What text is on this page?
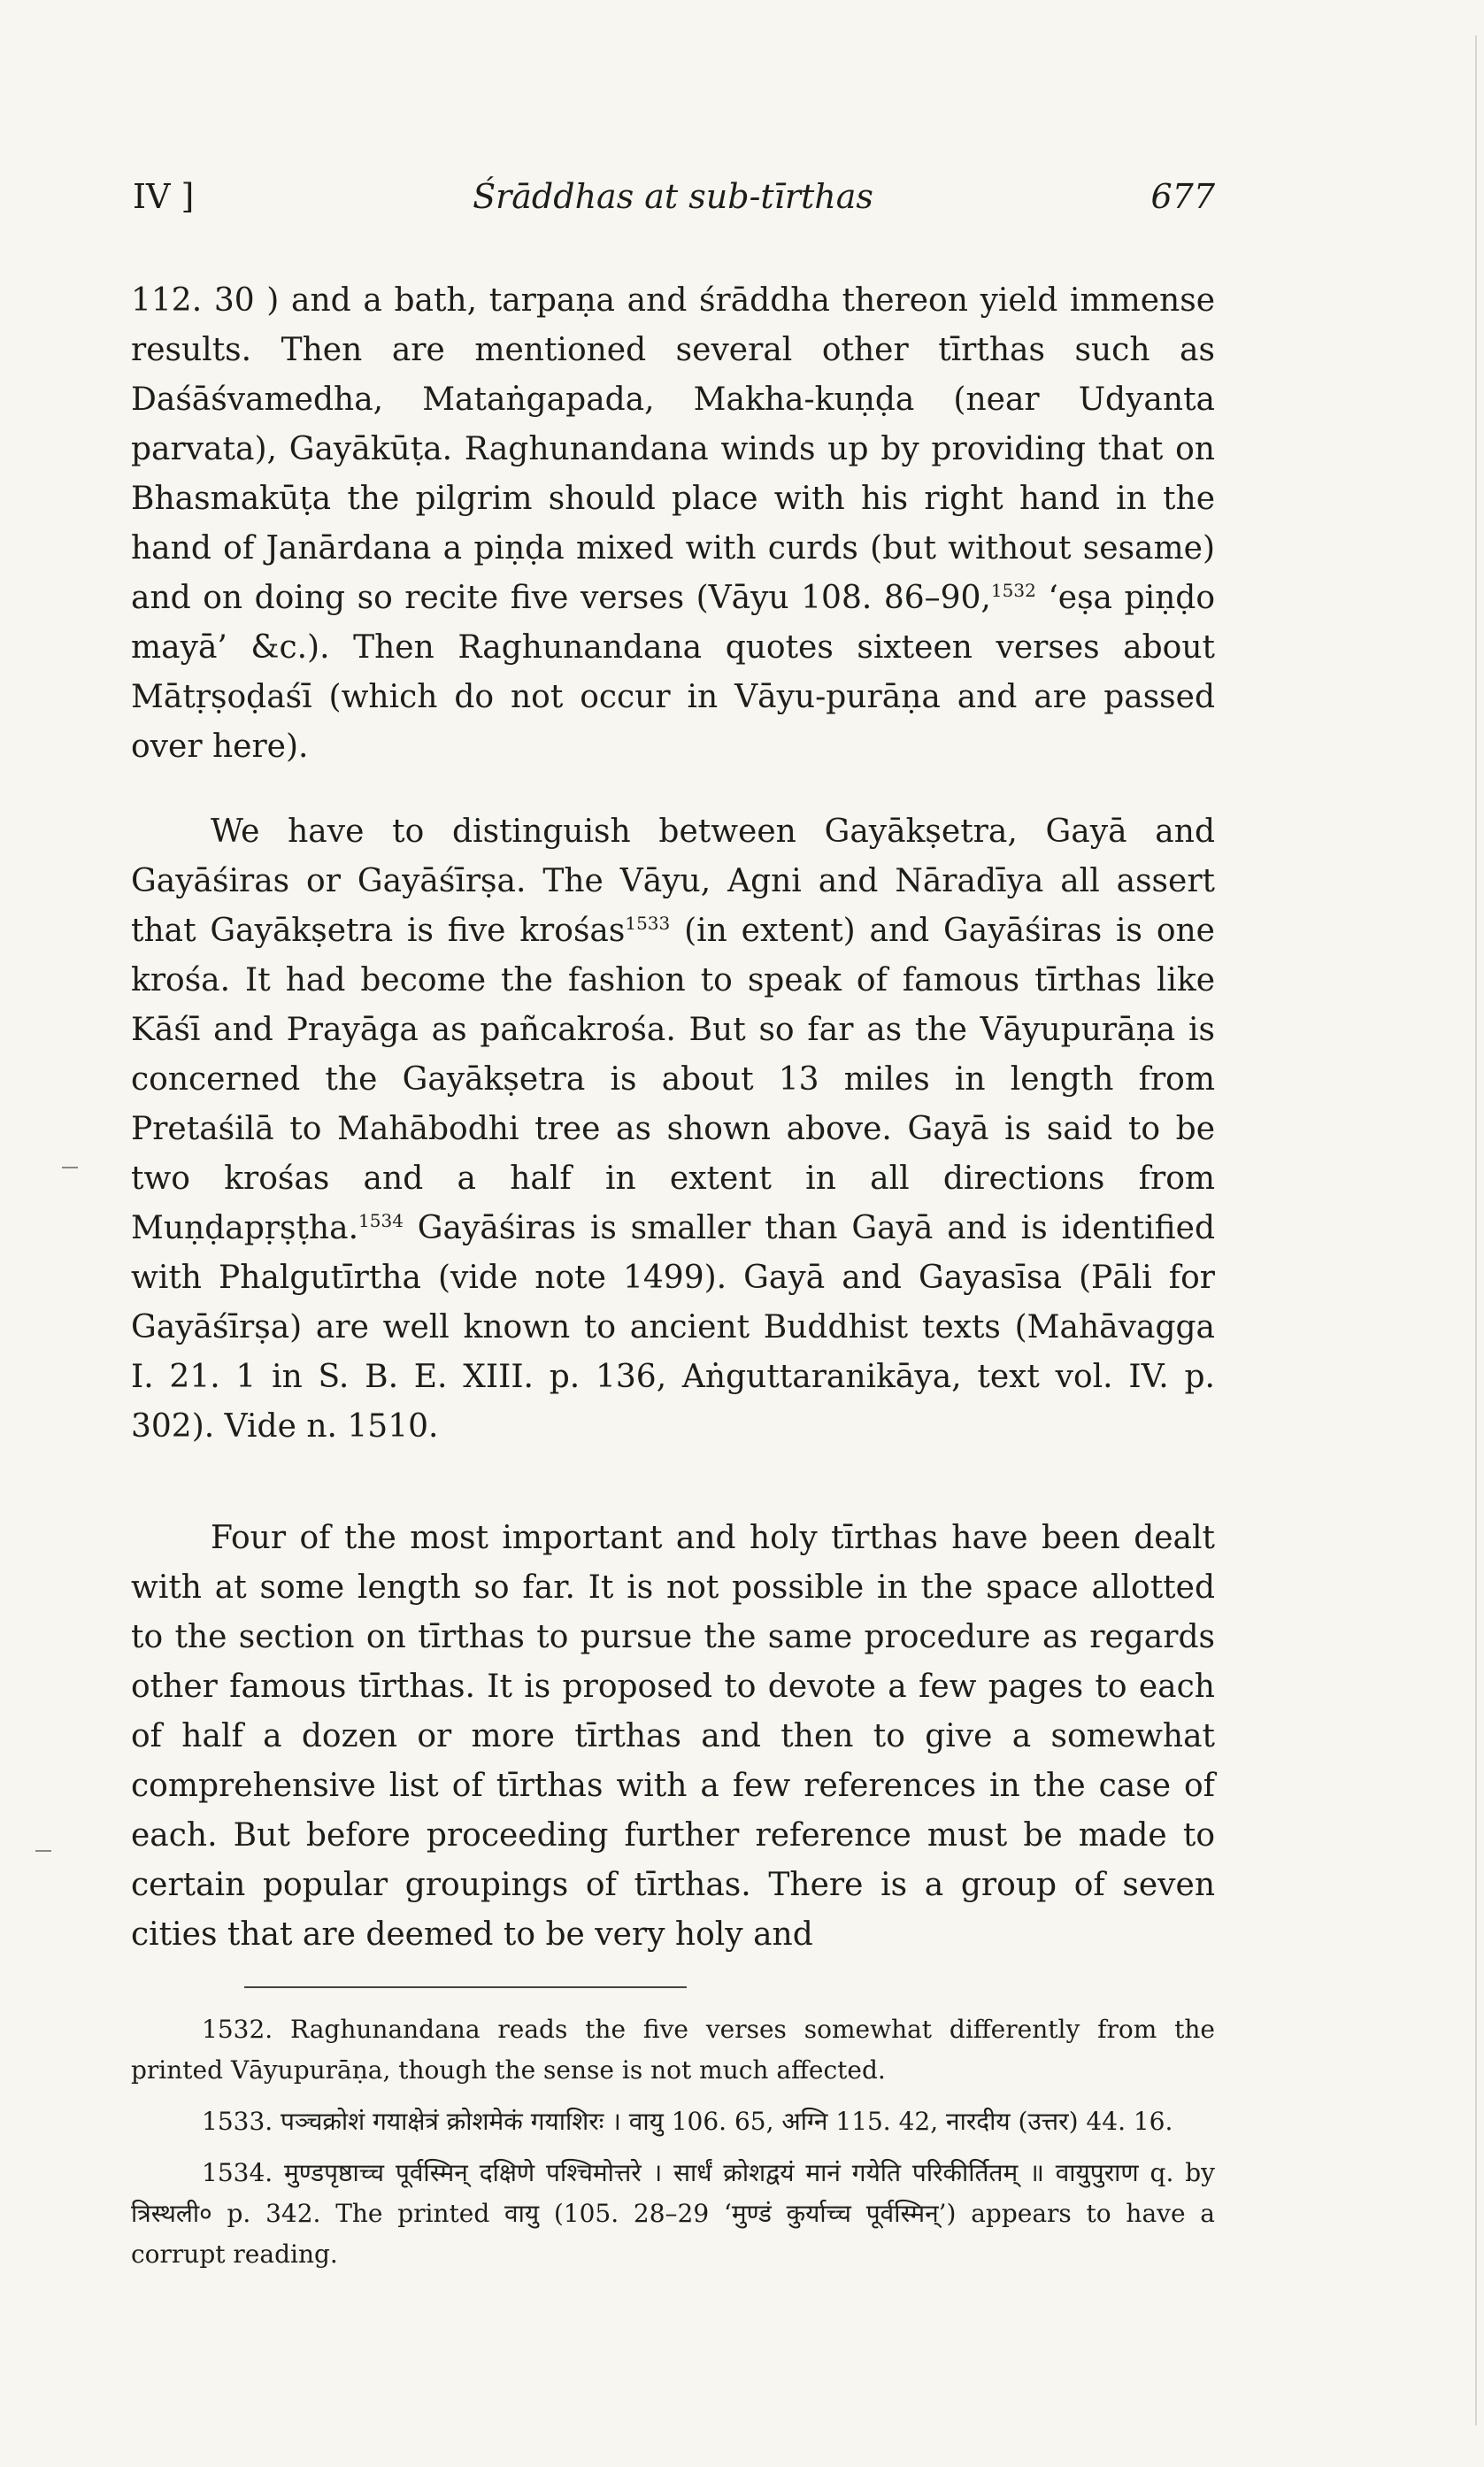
IV ]	Śrāddhas at sub-tīrthas	677

112. 30 ) and a bath, tarpaṇa and śrāddha thereon yield immense results. Then are mentioned several other tīrthas such as Daśāśvamedha, Mataṅgapada, Makha-kuṇḍa (near Udyanta parvata), Gayākūṭa. Raghunandana winds up by providing that on Bhasmakūṭa the pilgrim should place with his right hand in the hand of Janārdana a piṇḍa mixed with curds (but without sesame) and on doing so recite five verses (Vāyu 108. 86–90,$^{1532}$ ‘eṣa piṇḍo mayā’ &c.). Then Raghunandana quotes sixteen verses about Mātṛṣoḍaśī (which do not occur in Vāyu-purāṇa and are passed over here).

We have to distinguish between Gayākṣetra, Gayā and Gayāśiras or Gayāśīrṣa. The Vāyu, Agni and Nāradīya all assert that Gayākṣetra is five krośas$^{1533}$ (in extent) and Gayāśiras is one krośa. It had become the fashion to speak of famous tīrthas like Kāśī and Prayāga as pañcakrośa. But so far as the Vāyupurāṇa is concerned the Gayākṣetra is about 13 miles in length from Pretaśilā to Mahābodhi tree as shown above. Gayā is said to be two krośas and a half in extent in all directions from Muṇḍapṛṣṭha.$^{1534}$ Gayāśiras is smaller than Gayā and is identified with Phalgutīrtha (vide note 1499). Gayā and Gayasīsa (Pāli for Gayāśīrṣa) are well known to ancient Buddhist texts (Mahāvagga I. 21. 1 in S. B. E. XIII. p. 136, Aṅguttaranikāya, text vol. IV. p. 302). Vide n. 1510.

Four of the most important and holy tīrthas have been dealt with at some length so far. It is not possible in the space allotted to the section on tīrthas to pursue the same procedure as regards other famous tīrthas. It is proposed to devote a few pages to each of half a dozen or more tīrthas and then to give a somewhat comprehensive list of tīrthas with a few references in the case of each. But before proceeding further reference must be made to certain popular groupings of tīrthas. There is a group of seven cities that are deemed to be very holy and

1532. Raghunandana reads the five verses somewhat differently from the printed Vāyupurāṇa, though the sense is not much affected.

1533. पञ्चक्रोशं गयाक्षेत्रं क्रोशमेकं गयाशिरः । वायु 106. 65, अग्नि 115. 42, नारदीय (उत्तर) 44. 16.

1534. मुण्डपृष्ठाच्च पूर्वस्मिन् दक्षिणे पश्चिमोत्तरे । सार्धं क्रोशद्वयं मानं गयेति परिकीर्तितम् ॥ वायुपुराण q. by त्रिस्थली० p. 342. The printed वायु (105. 28–29 ‘मुण्डं कुर्याच्च पूर्वस्मिन्’) appears to have a corrupt reading.
